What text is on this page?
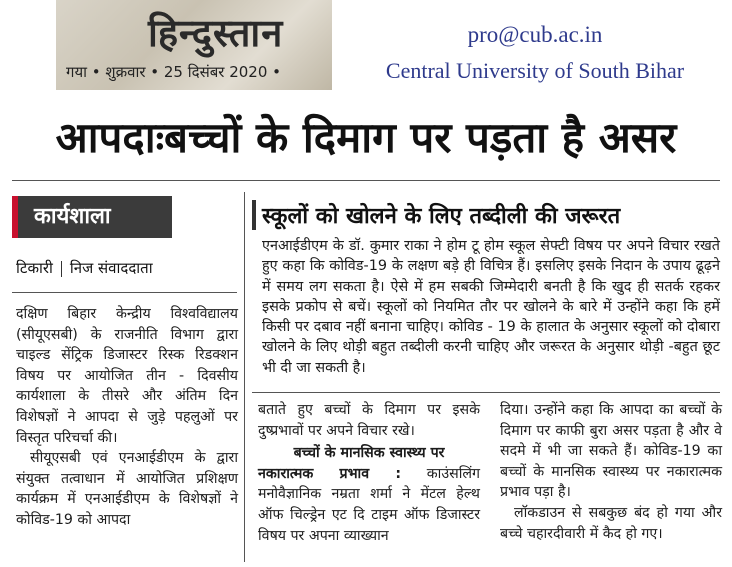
हिन्दुस्तान
गया • शुक्रवार • 25 दिसंबर 2020 •
pro@cub.ac.in
Central University of South Bihar
आपदाःबच्चों के दिमाग पर पड़ता है असर
कार्यशाला
टिकारी निज संवाददाता

दक्षिण बिहार केन्द्रीय विश्वविद्यालय (सीयूएसबी) के राजनीति विभाग द्वारा चाइल्ड सेंट्रिक डिजास्टर रिस्क रिडक्शन विषय पर आयोजित तीन - दिवसीय कार्यशाला के तीसरे और अंतिम दिन विशेषज्ञों ने आपदा से जुड़े पहलुओं पर विस्तृत परिचर्चा की।

सीयूएसबी एवं एनआईडीएम के द्वारा संयुक्त तत्वाधान में आयोजित प्रशिक्षण कार्यक्रम में एनआईडीएम के विशेषज्ञों ने कोविड-19 को आपदा

स्कूलों को खोलने के लिए तब्दीली की जरूरत
एनआईडीएम के डॉ. कुमार राका ने होम टू होम स्कूल सेफ्टी विषय पर अपने विचार रखते हुए कहा कि कोविड-19 के लक्षण बड़े ही विचित्र हैं। इसलिए इसके निदान के उपाय ढूढ़ने में समय लग सकता है। ऐसे में हम सबकी जिम्मेदारी बनती है कि खुद ही सतर्क रहकर इसके प्रकोप से बचें। स्कूलों को नियमित तौर पर खोलने के बारे में उन्होंने कहा कि हमें किसी पर दबाव नहीं बनाना चाहिए। कोविड - 19 के हालात के अनुसार स्कूलों को दोबारा खोलने के लिए थोड़ी बहुत तब्दीली करनी चाहिए और जरूरत के अनुसार थोड़ी -बहुत छूट भी दी जा सकती है।

बताते हुए बच्चों के दिमाग पर इसके दुष्प्रभावों पर अपने विचार रखे।

बच्चों के मानसिक स्वास्थ्य पर

नकारात्मक प्रभाव : काउंसलिंग मनोवैज्ञानिक नम्रता शर्मा ने मेंटल हेल्थ ऑफ चिल्ड्रेन एट दि टाइम ऑफ डिजास्टर विषय पर अपना व्याख्यान

दिया। उन्होंने कहा कि आपदा का बच्चों के दिमाग पर काफी बुरा असर पड़ता है और वे सदमे में भी जा सकते हैं। कोविड-19 का बच्चों के मानसिक स्वास्थ्य पर नकारात्मक प्रभाव पड़ा है।

लॉकडाउन से सबकुछ बंद हो गया और बच्चे चहारदीवारी में कैद हो गए।
